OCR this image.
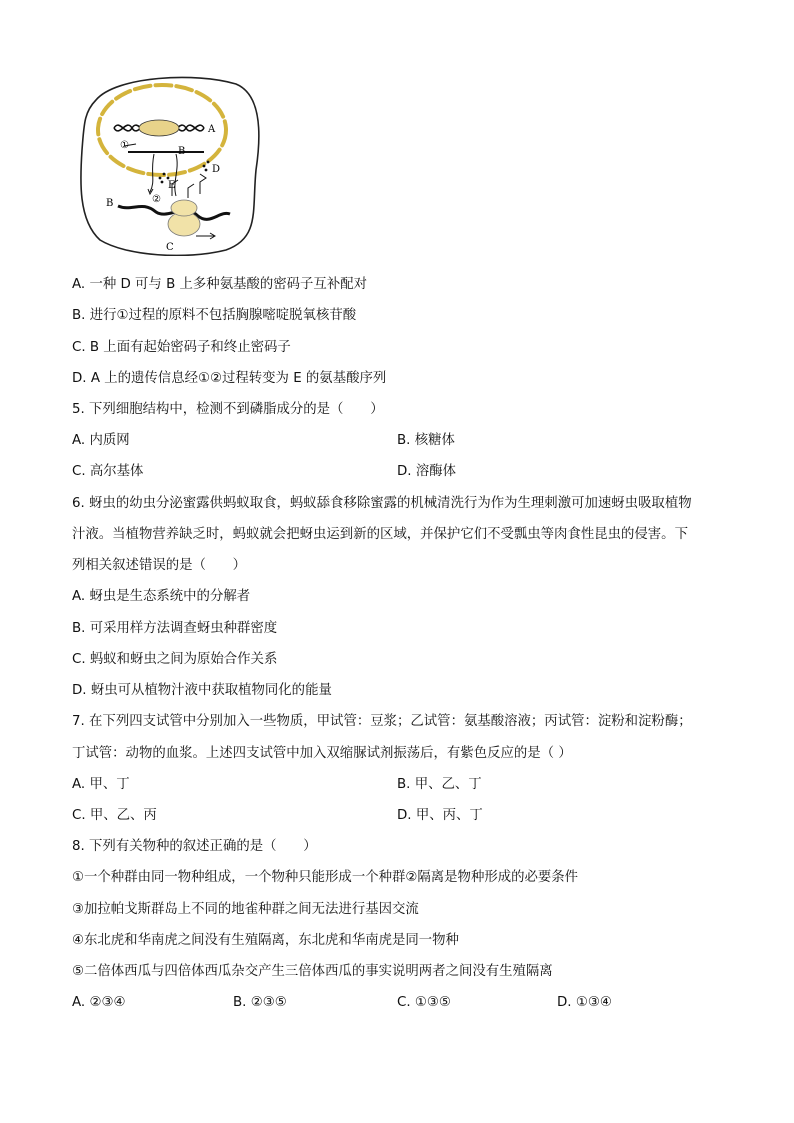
A
B
B
C
D
E
①
②
A. 一种 D 可与 B 上多种氨基酸的密码子互补配对
B. 进行①过程的原料不包括胸腺嘧啶脱氧核苷酸
C. B 上面有起始密码子和终止密码子
D. A 上的遗传信息经①②过程转变为 E 的氨基酸序列
5. 下列细胞结构中，检测不到磷脂成分的是（　　）
A. 内质网	B. 核糖体
C. 高尔基体	D. 溶酶体
6. 蚜虫的幼虫分泌蜜露供蚂蚁取食，蚂蚁舔食移除蜜露的机械清洗行为作为生理刺激可加速蚜虫吸取植物
汁液。当植物营养缺乏时，蚂蚁就会把蚜虫运到新的区域，并保护它们不受瓢虫等肉食性昆虫的侵害。下
列相关叙述错误的是（　　）
A. 蚜虫是生态系统中的分解者
B. 可采用样方法调查蚜虫种群密度
C. 蚂蚁和蚜虫之间为原始合作关系
D. 蚜虫可从植物汁液中获取植物同化的能量
7. 在下列四支试管中分别加入一些物质，甲试管：豆浆；乙试管：氨基酸溶液；丙试管：淀粉和淀粉酶；
丁试管：动物的血浆。上述四支试管中加入双缩脲试剂振荡后，有紫色反应的是（ ）
A. 甲、丁	B. 甲、乙、丁
C. 甲、乙、丙	D. 甲、丙、丁
8. 下列有关物种的叙述正确的是（　　）
①一个种群由同一物种组成，一个物种只能形成一个种群②隔离是物种形成的必要条件
③加拉帕戈斯群岛上不同的地雀种群之间无法进行基因交流
④东北虎和华南虎之间没有生殖隔离，东北虎和华南虎是同一物种
⑤二倍体西瓜与四倍体西瓜杂交产生三倍体西瓜的事实说明两者之间没有生殖隔离
A. ②③④	B. ②③⑤	C. ①③⑤	D. ①③④
